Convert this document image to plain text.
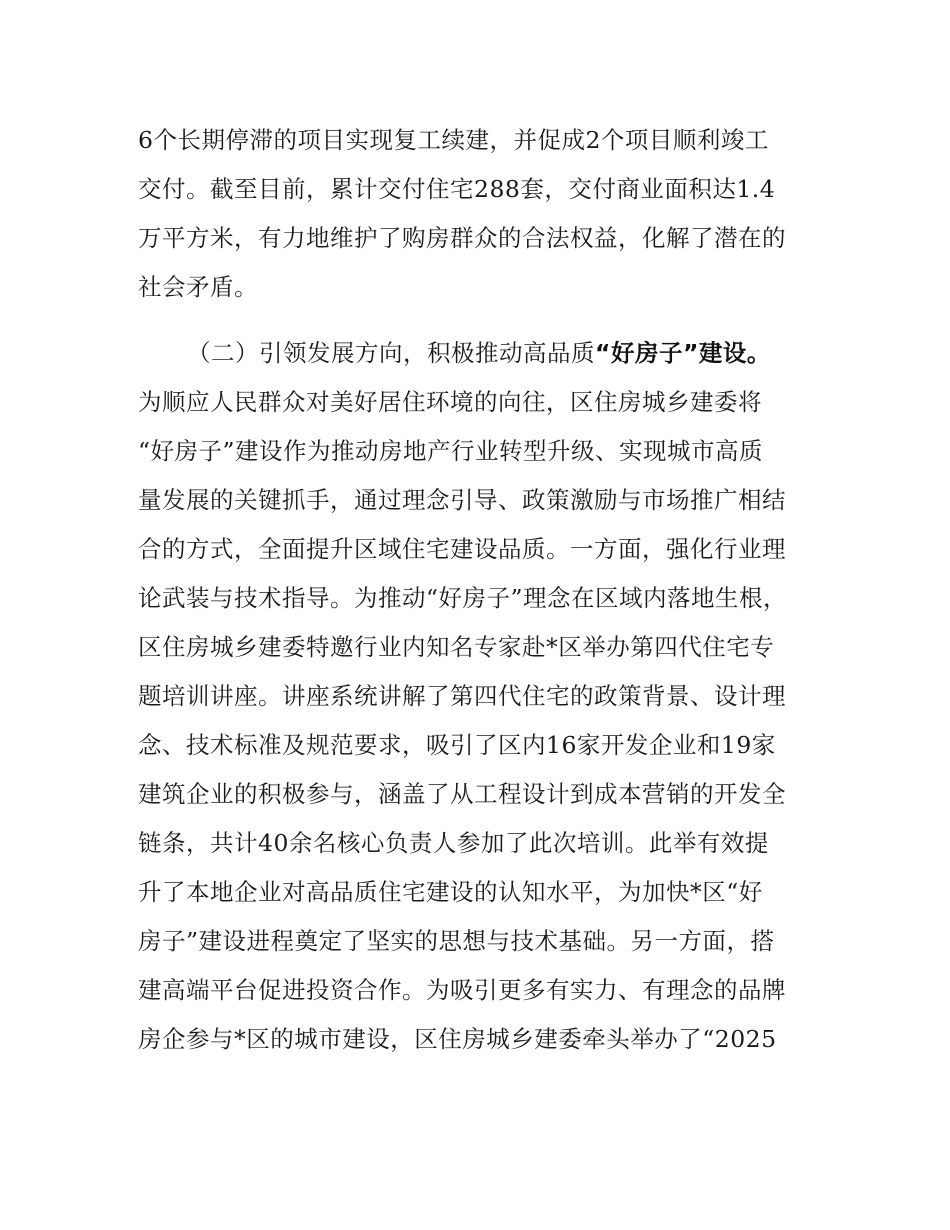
6个长期停滞的项目实现复工续建，并促成2个项目顺利竣工
交付。截至目前，累计交付住宅288套，交付商业面积达1.4
万平方米，有力地维护了购房群众的合法权益，化解了潜在的
社会矛盾。
（二）引领发展方向，积极推动高品质“好房子”建设。
为顺应人民群众对美好居住环境的向往，区住房城乡建委将
“好房子”建设作为推动房地产行业转型升级、实现城市高质
量发展的关键抓手，通过理念引导、政策激励与市场推广相结
合的方式，全面提升区域住宅建设品质。一方面，强化行业理
论武装与技术指导。为推动“好房子”理念在区域内落地生根，
区住房城乡建委特邀行业内知名专家赴*区举办第四代住宅专
题培训讲座。讲座系统讲解了第四代住宅的政策背景、设计理
念、技术标准及规范要求，吸引了区内16家开发企业和19家
建筑企业的积极参与，涵盖了从工程设计到成本营销的开发全
链条，共计40余名核心负责人参加了此次培训。此举有效提
升了本地企业对高品质住宅建设的认知水平，为加快*区“好
房子”建设进程奠定了坚实的思想与技术基础。另一方面，搭
建高端平台促进投资合作。为吸引更多有实力、有理念的品牌
房企参与*区的城市建设，区住房城乡建委牵头举办了“2025
